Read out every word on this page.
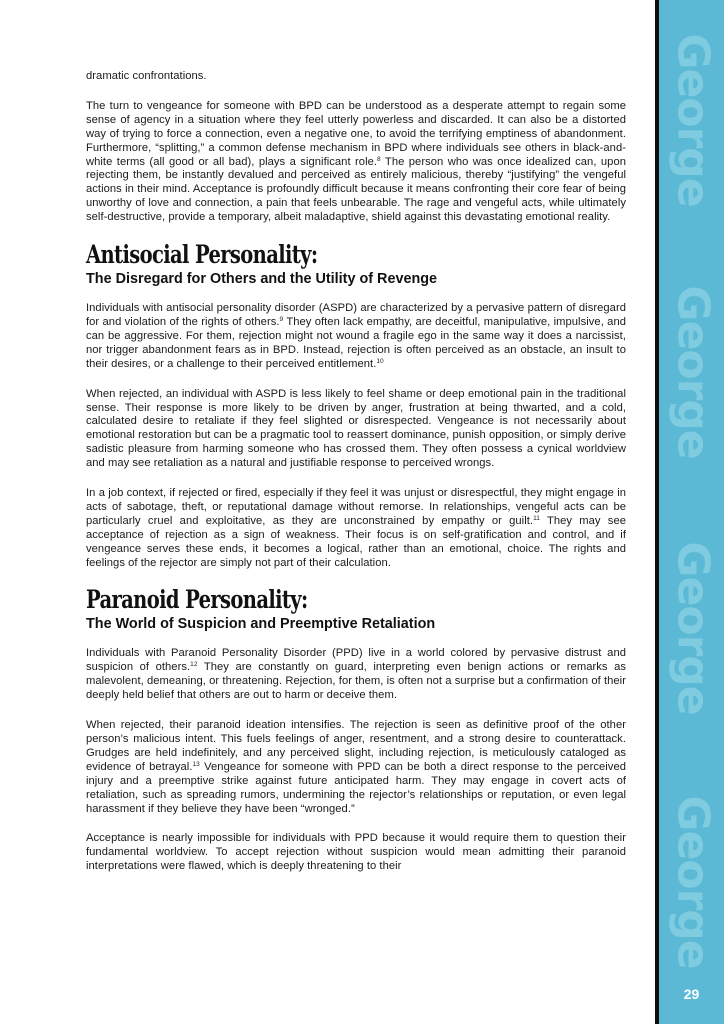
dramatic confrontations.

The turn to vengeance for someone with BPD can be understood as a desperate attempt to regain some sense of agency in a situation where they feel utterly powerless and discarded. It can also be a distorted way of trying to force a connection, even a negative one, to avoid the terrifying emptiness of abandonment. Furthermore, “splitting,” a common defense mechanism in BPD where individuals see others in black-and-white terms (all good or all bad), plays a significant role.$^8$ The person who was once idealized can, upon rejecting them, be instantly devalued and perceived as entirely malicious, thereby “justifying” the vengeful actions in their mind. Acceptance is profoundly difficult because it means confronting their core fear of being unworthy of love and connection, a pain that feels unbearable. The rage and vengeful acts, while ultimately self-destructive, provide a temporary, albeit maladaptive, shield against this devastating emotional reality.

Antisocial Personality:
The Disregard for Others and the Utility of Revenge

Individuals with antisocial personality disorder (ASPD) are characterized by a pervasive pattern of disregard for and violation of the rights of others.$^9$ They often lack empathy, are deceitful, manipulative, impulsive, and can be aggressive. For them, rejection might not wound a fragile ego in the same way it does a narcissist, nor trigger abandonment fears as in BPD. Instead, rejection is often perceived as an obstacle, an insult to their desires, or a challenge to their perceived entitlement.$^{10}$

When rejected, an individual with ASPD is less likely to feel shame or deep emotional pain in the traditional sense. Their response is more likely to be driven by anger, frustration at being thwarted, and a cold, calculated desire to retaliate if they feel slighted or disrespected. Vengeance is not necessarily about emotional restoration but can be a pragmatic tool to reassert dominance, punish opposition, or simply derive sadistic pleasure from harming someone who has crossed them. They often possess a cynical worldview and may see retaliation as a natural and justifiable response to perceived wrongs.

In a job context, if rejected or fired, especially if they feel it was unjust or disrespectful, they might engage in acts of sabotage, theft, or reputational damage without remorse. In relationships, vengeful acts can be particularly cruel and exploitative, as they are unconstrained by empathy or guilt.$^{11}$ They may see acceptance of rejection as a sign of weakness. Their focus is on self-gratification and control, and if vengeance serves these ends, it becomes a logical, rather than an emotional, choice. The rights and feelings of the rejector are simply not part of their calculation.

Paranoid Personality:
The World of Suspicion and Preemptive Retaliation

Individuals with Paranoid Personality Disorder (PPD) live in a world colored by pervasive distrust and suspicion of others.$^{12}$ They are constantly on guard, interpreting even benign actions or remarks as malevolent, demeaning, or threatening. Rejection, for them, is often not a surprise but a confirmation of their deeply held belief that others are out to harm or deceive them.

When rejected, their paranoid ideation intensifies. The rejection is seen as definitive proof of the other person’s malicious intent. This fuels feelings of anger, resentment, and a strong desire to counterattack. Grudges are held indefinitely, and any perceived slight, including rejection, is meticulously cataloged as evidence of betrayal.$^{13}$ Vengeance for someone with PPD can be both a direct response to the perceived injury and a preemptive strike against future anticipated harm. They may engage in covert acts of retaliation, such as spreading rumors, undermining the rejector’s relationships or reputation, or even legal harassment if they believe they have been “wronged.”

Acceptance is nearly impossible for individuals with PPD because it would require them to question their fundamental worldview. To accept rejection without suspicion would mean admitting their paranoid interpretations were flawed, which is deeply threatening to their

George
George
George
George
29
